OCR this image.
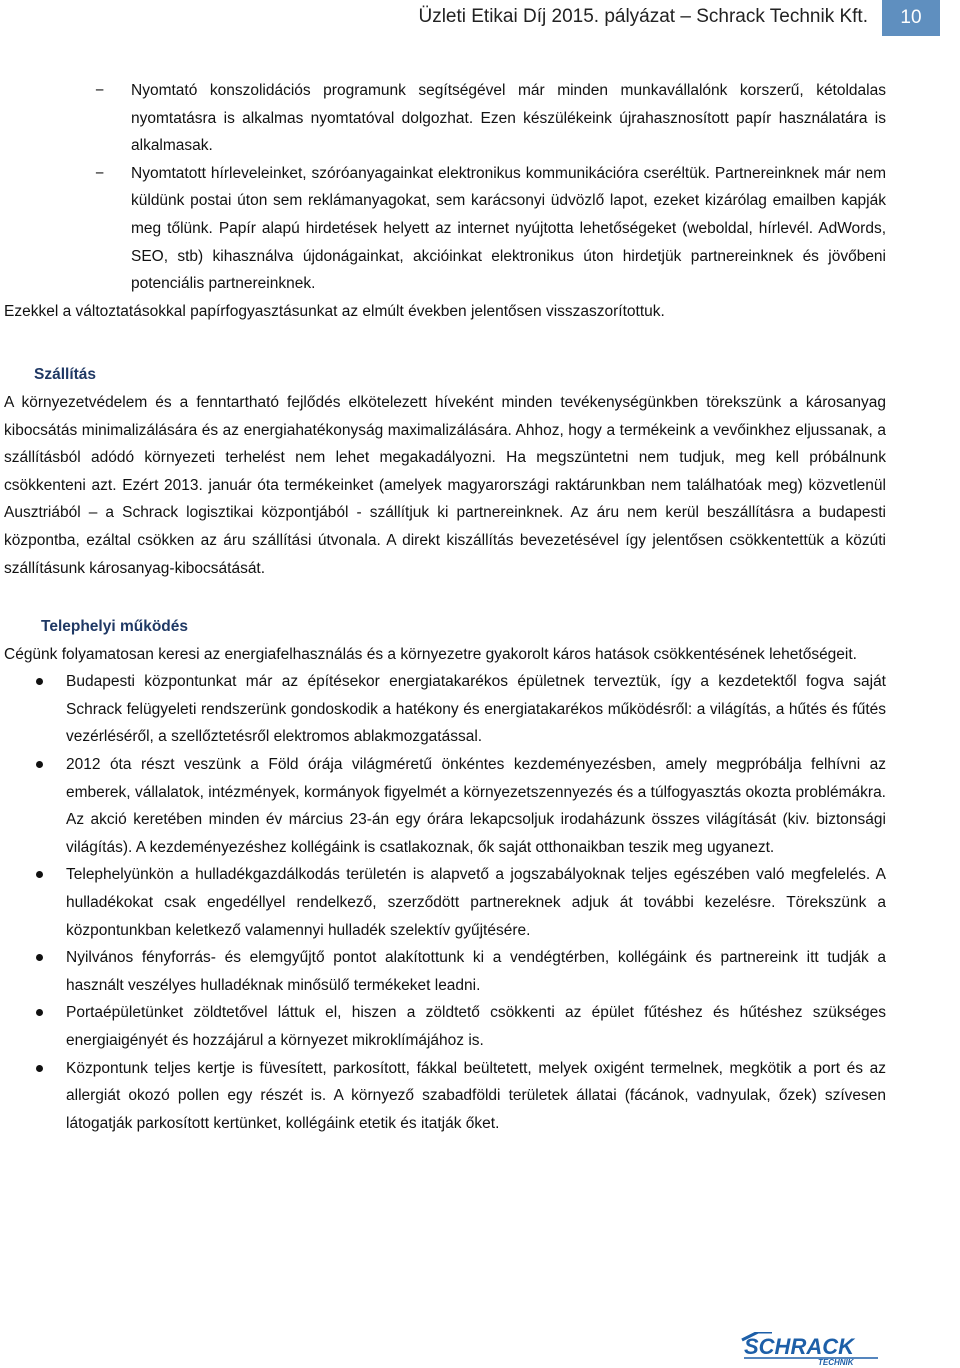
Üzleti Etikai Díj 2015. pályázat – Schrack Technik Kft.	10
− Nyomtató konszolidációs programunk segítségével már minden munkavállalónk korszerű, kétoldalas nyomtatásra is alkalmas nyomtatóval dolgozhat. Ezen készülékeink újrahasznosított papír használatára is alkalmasak.
− Nyomtatott hírleveleinket, szóróanyagainkat elektronikus kommunikációra cseréltük. Partnereinknek már nem küldünk postai úton sem reklámanyagokat, sem karácsonyi üdvözlő lapot, ezeket kizárólag emailben kapják meg tőlünk. Papír alapú hirdetések helyett az internet nyújtotta lehetőségeket (weboldal, hírlevél. AdWords, SEO, stb) kihasználva újdonágainkat, akcióinkat elektronikus úton hirdetjük partnereinknek és jövőbeni potenciális partnereinknek.

Ezekkel a változtatásokkal papírfogyasztásunkat az elmúlt években jelentősen visszaszorítottuk.

Szállítás

A környezetvédelem és a fenntartható fejlődés elkötelezett híveként minden tevékenységünkben törekszünk a károsanyag kibocsátás minimalizálására és az energiahatékonyság maximalizálására. Ahhoz, hogy a termékeink a vevőinkhez eljussanak, a szállításból adódó környezeti terhelést nem lehet megakadályozni. Ha megszüntetni nem tudjuk, meg kell próbálnunk csökkenteni azt. Ezért 2013. január óta termékeinket (amelyek magyarországi raktárunkban nem találhatóak meg) közvetlenül Ausztriából – a Schrack logisztikai központjából - szállítjuk ki partnereinknek. Az áru nem kerül beszállításra a budapesti központba, ezáltal csökken az áru szállítási útvonala. A direkt kiszállítás bevezetésével így jelentősen csökkentettük a közúti szállításunk károsanyag-kibocsátását.

Telephelyi működés

Cégünk folyamatosan keresi az energiafelhasználás és a környezetre gyakorolt káros hatások csökkentésének lehetőségeit.

Budapesti központunkat már az építésekor energiatakarékos épületnek terveztük, így a kezdetektől fogva saját Schrack felügyeleti rendszerünk gondoskodik a hatékony és energiatakarékos működésről: a világítás, a hűtés és fűtés vezérléséről, a szellőztetésről elektromos ablakmozgatással.
2012 óta részt veszünk a Föld órája világméretű önkéntes kezdeményezésben, amely megpróbálja felhívni az emberek, vállalatok, intézmények, kormányok figyelmét a környezetszennyezés és a túlfogyasztás okozta problémákra. Az akció keretében minden év március 23-án egy órára lekapcsoljuk irodaházunk összes világítását (kiv. biztonsági világítás). A kezdeményezéshez kollégáink is csatlakoznak, ők saját otthonaikban teszik meg ugyanezt.
Telephelyünkön a hulladékgazdálkodás területén is alapvető a jogszabályoknak teljes egészében való megfelelés. A hulladékokat csak engedéllyel rendelkező, szerződött partnereknek adjuk át további kezelésre. Törekszünk a központunkban keletkező valamennyi hulladék szelektív gyűjtésére.
Nyilvános fényforrás- és elemgyűjtő pontot alakítottunk ki a vendégtérben, kollégáink és partnereink itt tudják a használt veszélyes hulladéknak minősülő termékeket leadni.
Portaépületünket zöldtetővel láttuk el, hiszen a zöldtető csökkenti az épület fűtéshez és hűtéshez szükséges energiaigényét és hozzájárul a környezet mikroklímájához is.
Központunk teljes kertje is füvesített, parkosított, fákkal beültetett, melyek oxigént termelnek, megkötik a port és az allergiát okozó pollen egy részét is. A környező szabadföldi területek állatai (fácánok, vadnyulak, őzek) szívesen látogatják parkosított kertünket, kollégáink etetik és itatják őket.
SCHRACK
TECHNIK
